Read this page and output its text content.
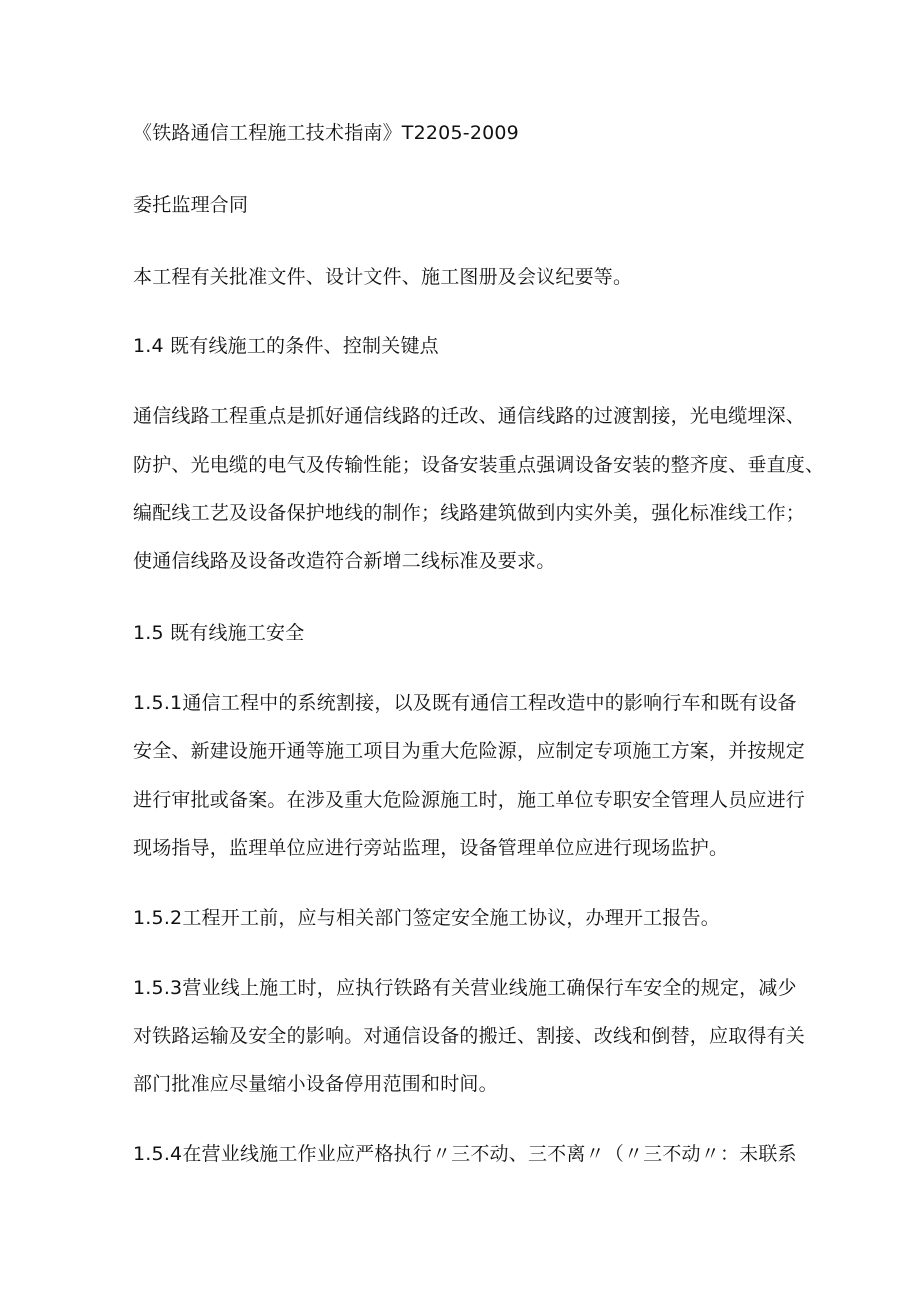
《铁路通信工程施工技术指南》T2205-2009
委托监理合同
本工程有关批准文件、设计文件、施工图册及会议纪要等。
1.4 既有线施工的条件、控制关键点
通信线路工程重点是抓好通信线路的迁改、通信线路的过渡割接，光电缆埋深、
防护、光电缆的电气及传输性能；设备安装重点强调设备安装的整齐度、垂直度、
编配线工艺及设备保护地线的制作；线路建筑做到内实外美，强化标准线工作；
使通信线路及设备改造符合新增二线标准及要求。
1.5 既有线施工安全
1.5.1通信工程中的系统割接，以及既有通信工程改造中的影响行车和既有设备
安全、新建设施开通等施工项目为重大危险源，应制定专项施工方案，并按规定
进行审批或备案。在涉及重大危险源施工时，施工单位专职安全管理人员应进行
现场指导，监理单位应进行旁站监理，设备管理单位应进行现场监护。
1.5.2工程开工前，应与相关部门签定安全施工协议，办理开工报告。
1.5.3营业线上施工时，应执行铁路有关营业线施工确保行车安全的规定，减少
对铁路运输及安全的影响。对通信设备的搬迁、割接、改线和倒替，应取得有关
部门批准应尽量缩小设备停用范围和时间。
1.5.4在营业线施工作业应严格执行〃三不动、三不离〃（〃三不动〃：未联系
